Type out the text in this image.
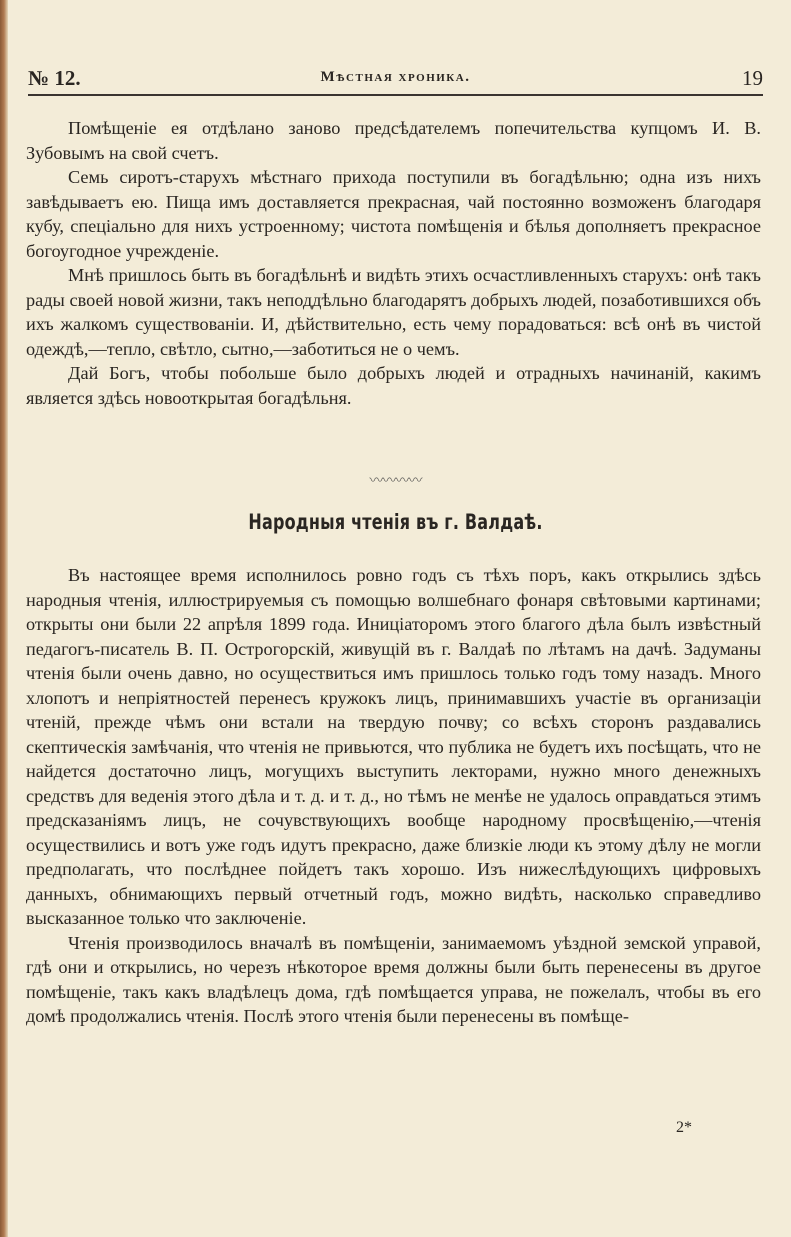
№ 12.	Мѣстная хроника.	19

Помѣщеніе ея отдѣлано заново предсѣдателемъ попечительства купцомъ И. В. Зубовымъ на свой счетъ.

Семь сиротъ-старухъ мѣстнаго прихода поступили въ богадѣльню; одна изъ нихъ завѣдываетъ ею. Пища имъ доставляется прекрасная, чай постоянно возможенъ благодаря кубу, спеціально для нихъ устроенному; чистота помѣщенія и бѣлья дополняетъ прекрасное богоугодное учрежденіе.

Мнѣ пришлось быть въ богадѣльнѣ и видѣть этихъ осчастливленныхъ старухъ: онѣ такъ рады своей новой жизни, такъ неподдѣльно благодарятъ добрыхъ людей, позаботившихся объ ихъ жалкомъ существованіи. И, дѣйствительно, есть чему порадоваться: всѣ онѣ въ чистой одеждѣ,—тепло, свѣтло, сытно,—заботиться не о чемъ.

Дай Богъ, чтобы побольше было добрыхъ людей и отрадныхъ начинаній, какимъ является здѣсь новооткрытая богадѣльня.

〰〰〰〰
Народныя чтенія въ г. Валдаѣ.

Въ настоящее время исполнилось ровно годъ съ тѣхъ поръ, какъ открылись здѣсь народныя чтенія, иллюстрируемыя съ помощью волшебнаго фонаря свѣтовыми картинами; открыты они были 22 апрѣля 1899 года. Иниціаторомъ этого благого дѣла былъ извѣстный педагогъ-писатель В. П. Острогорскій, живущій въ г. Валдаѣ по лѣтамъ на дачѣ. Задуманы чтенія были очень давно, но осуществиться имъ пришлось только годъ тому назадъ. Много хлопотъ и непріятностей перенесъ кружокъ лицъ, принимавшихъ участіе въ организаціи чтеній, прежде чѣмъ они встали на твердую почву; со всѣхъ сторонъ раздавались скептическія замѣчанія, что чтенія не привьются, что публика не будетъ ихъ посѣщать, что не найдется достаточно лицъ, могущихъ выступить лекторами, нужно много денежныхъ средствъ для веденія этого дѣла и т. д. и т. д., но тѣмъ не менѣе не удалось оправдаться этимъ предсказаніямъ лицъ, не сочувствующихъ вообще народному просвѣщенію,—чтенія осуществились и вотъ уже годъ идутъ прекрасно, даже близкіе люди къ этому дѣлу не могли предполагать, что послѣднее пойдетъ такъ хорошо. Изъ нижеслѣдующихъ цифровыхъ данныхъ, обнимающихъ первый отчетный годъ, можно видѣть, насколько справедливо высказанное только что заключеніе.

Чтенія производилось вначалѣ въ помѣщеніи, занимаемомъ уѣздной земской управой, гдѣ они и открылись, но черезъ нѣкоторое время должны были быть перенесены въ другое помѣщеніе, такъ какъ владѣлецъ дома, гдѣ помѣщается управа, не пожелалъ, чтобы въ его домѣ продолжались чтенія. Послѣ этого чтенія были перенесены въ помѣще-

2*
